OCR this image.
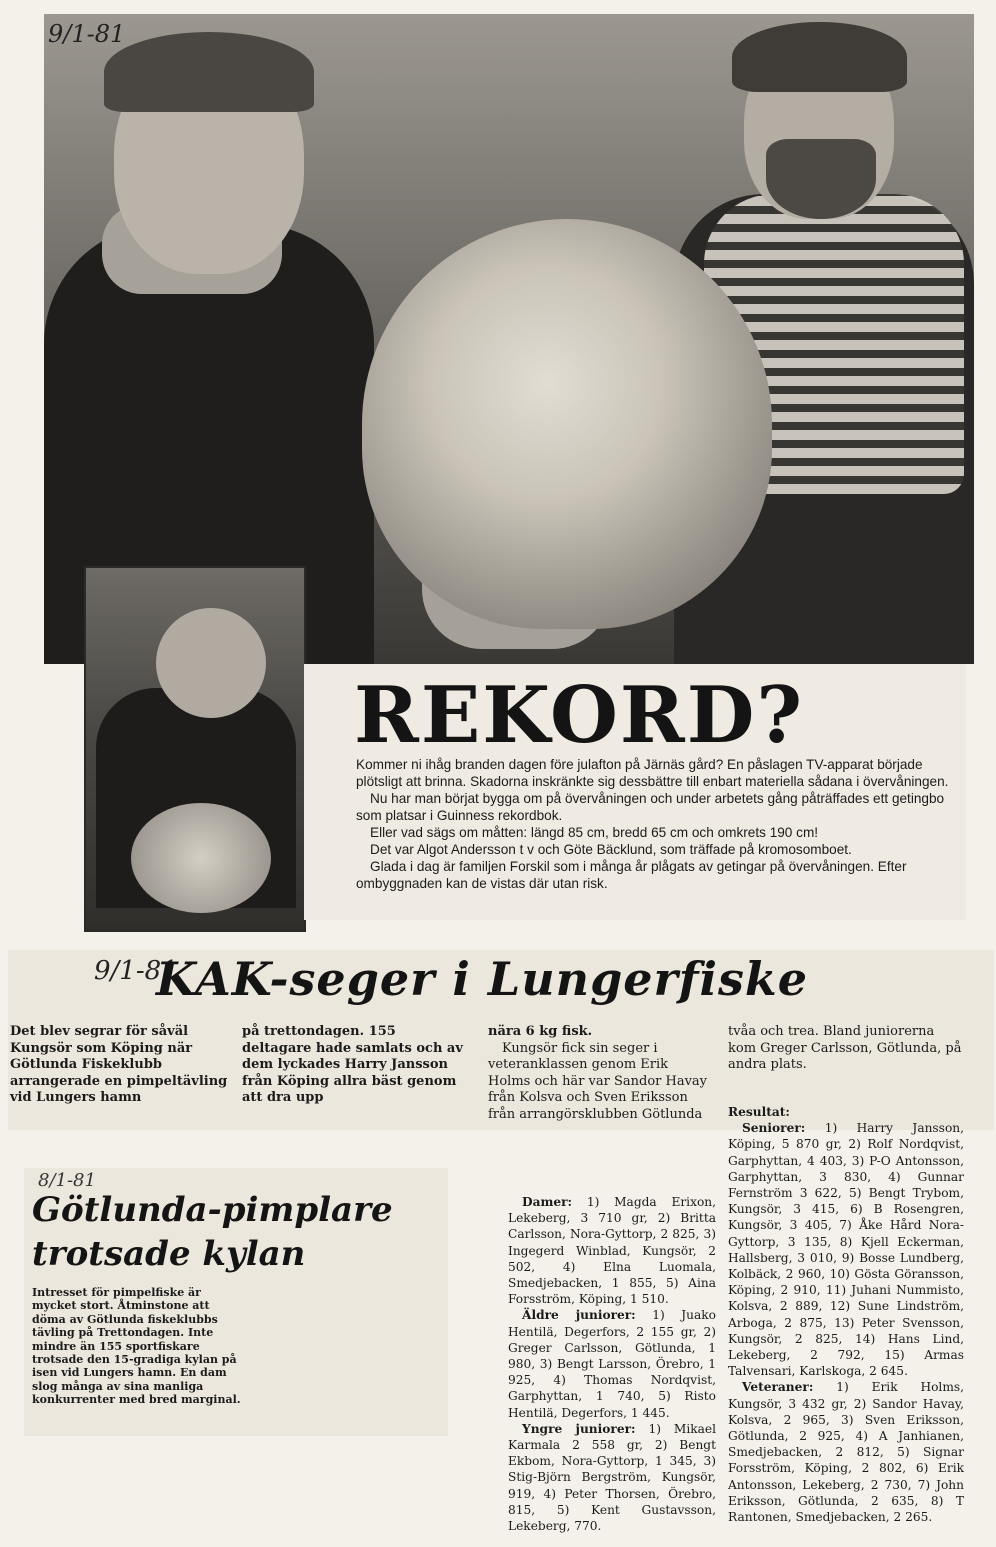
9/1-81
REKORD?

Kommer ni ihåg branden dagen före julafton på Järnäs gård? En påslagen TV-apparat började plötsligt att brinna. Skadorna inskränkte sig dessbättre till enbart materiella sådana i övervåningen.

Nu har man börjat bygga om på övervåningen och under arbetets gång påträffades ett getingbo som platsar i Guinness rekordbok.

Eller vad sägs om måtten: längd 85 cm, bredd 65 cm och omkrets 190 cm!

Det var Algot Andersson t v och Göte Bäcklund, som träffade på kromosomboet.

Glada i dag är familjen Forskil som i många år plågats av getingar på övervåningen. Efter ombyggnaden kan de vistas där utan risk.

9/1-81
KAK-seger i Lungerfiske

Det blev segrar för såväl Kungsör som Köping när Götlunda Fiskeklubb arrangerade en pimpeltävling vid Lungers hamn

på trettondagen. 155 deltagare hade samlats och av dem lyckades Harry Jansson från Köping allra bäst genom att dra upp

nära 6 kg fisk.

Kungsör fick sin seger i veteranklassen genom Erik Holms och här var Sandor Havay från Kolsva och Sven Eriksson från arrangörsklubben Götlunda

tvåa och trea. Bland juniorerna kom Greger Carlsson, Götlunda, på andra plats.

Resultat:

Seniorer: 1) Harry Jansson, Köping, 5 870 gr, 2) Rolf Nordqvist, Garphyttan, 4 403, 3) P-O Antonsson, Garphyttan, 3 830, 4) Gunnar Fernström 3 622, 5) Bengt Trybom, Kungsör, 3 415, 6) B Rosengren, Kungsör, 3 405, 7) Åke Hård Nora-Gyttorp, 3 135, 8) Kjell Eckerman, Hallsberg, 3 010, 9) Bosse Lundberg, Kolbäck, 2 960, 10) Gösta Göransson, Köping, 2 910, 11) Juhani Nummisto, Kolsva, 2 889, 12) Sune Lindström, Arboga, 2 875, 13) Peter Svensson, Kungsör, 2 825, 14) Hans Lind, Lekeberg, 2 792, 15) Armas Talvensari, Karlskoga, 2 645.

Veteraner: 1) Erik Holms, Kungsör, 3 432 gr, 2) Sandor Havay, Kolsva, 2 965, 3) Sven Eriksson, Götlunda, 2 925, 4) A Janhianen, Smedjebacken, 2 812, 5) Signar Forsström, Köping, 2 802, 6) Erik Antonsson, Lekeberg, 2 730, 7) John Eriksson, Götlunda, 2 635, 8) T Rantonen, Smedjebacken, 2 265.

8/1-81
Götlunda-pimplare
trotsade kylan
Intresset för pimpelfiske är mycket stort. Åtminstone att döma av Götlunda fiskeklubbs tävling på Trettondagen. Inte mindre än 155 sportfiskare trotsade den 15-gradiga kylan på isen vid Lungers hamn. En dam slog många av sina manliga konkurrenter med bred marginal.

Damer: 1) Magda Erixon, Lekeberg, 3 710 gr, 2) Britta Carlsson, Nora-Gyttorp, 2 825, 3) Ingegerd Winblad, Kungsör, 2 502, 4) Elna Luomala, Smedjebacken, 1 855, 5) Aina Forsström, Köping, 1 510.

Äldre juniorer: 1) Juako Hentilä, Degerfors, 2 155 gr, 2) Greger Carlsson, Götlunda, 1 980, 3) Bengt Larsson, Örebro, 1 925, 4) Thomas Nordqvist, Garphyttan, 1 740, 5) Risto Hentilä, Degerfors, 1 445.

Yngre juniorer: 1) Mikael Karmala 2 558 gr, 2) Bengt Ekbom, Nora-Gyttorp, 1 345, 3) Stig-Björn Bergström, Kungsör, 919, 4) Peter Thorsen, Örebro, 815, 5) Kent Gustavsson, Lekeberg, 770.
